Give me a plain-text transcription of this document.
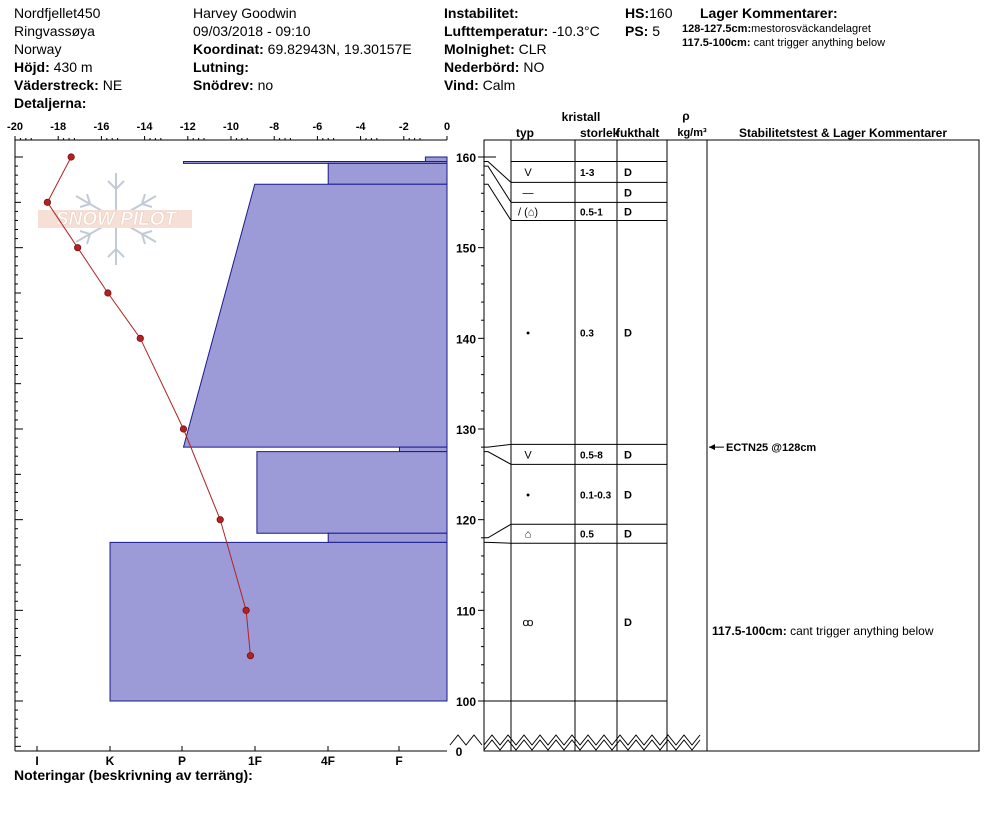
Nordfjellet450
Ringvassøya
Norway
Höjd: 430 m
Väderstreck: NE
Detaljerna:
Harvey Goodwin
09/03/2018 - 09:10
Koordinat: 69.82943N, 19.30157E
Lutning:
Snödrev: no
Instabilitet:
Lufttemperatur: -10.3°C
Molnighet: CLR
Nederbörd: NO
Vind: Calm
HS:160
PS: 5
Lager Kommentarer:
128-127.5cm:mestorosväckandelagret
117.5-100cm: cant trigger anything below
Noteringar (beskrivning av terräng):
SNOW PILOT
-20 -18 -16 -14 -12 -10	-8	-6	-4	-2	0
I	K	P	1F	4F	F
160
150
140
130
120
110
100
0
V	1-3	D
—	D
/ (⌂)	0.5-1 D
•	0.3	D
V	0.5-8 D
•	0.1-0.3 D
⌂	0.5	D
ꝏ	D
ECTN25 @128cm
117.5-100cm: cant trigger anything below
kristall
typ	storlek
fukthalt
ρ
kg/m³	Stabilitetstest & Lager Kommentarer
